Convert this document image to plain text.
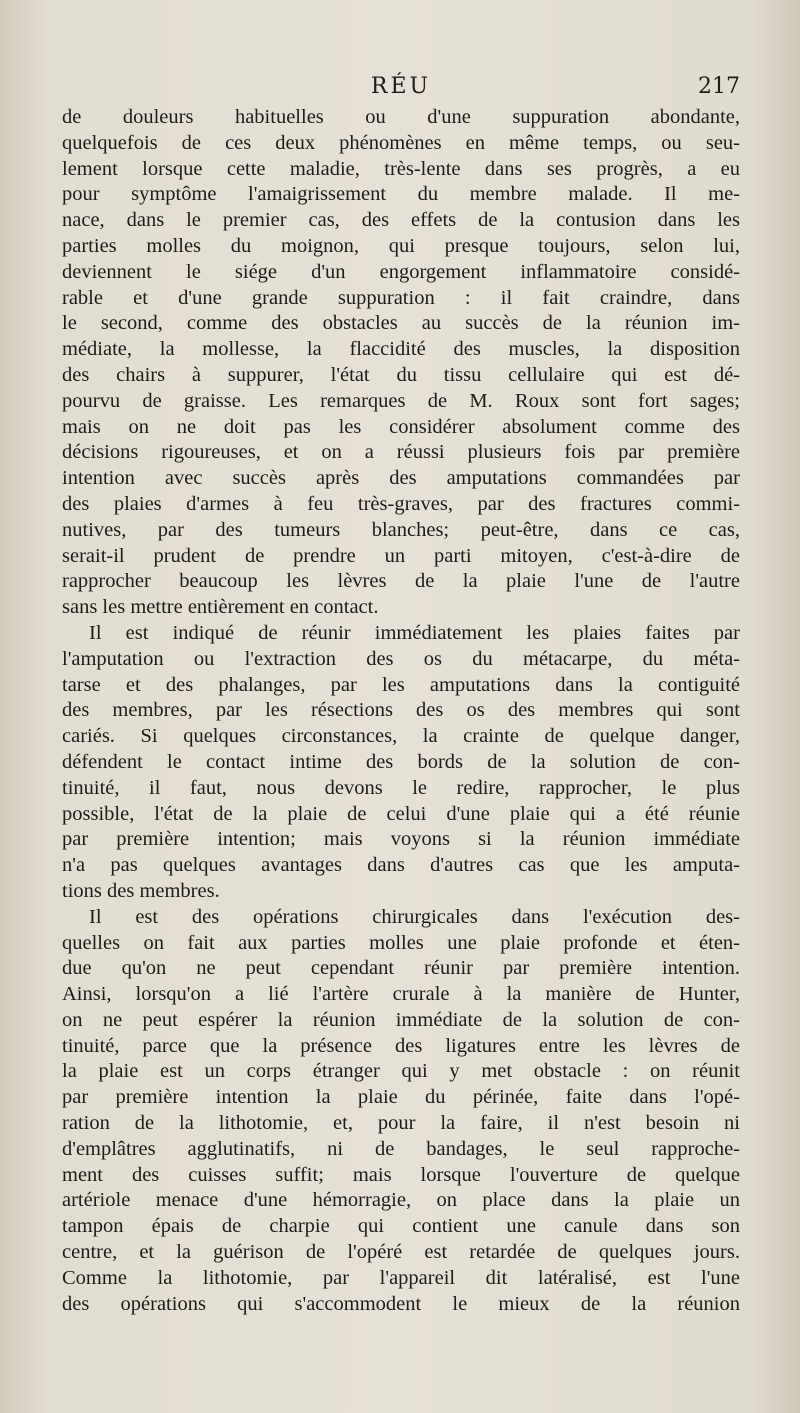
RÉU	217
de douleurs habituelles ou d'une suppuration abondante,
quelquefois de ces deux phénomènes en même temps, ou seu-
lement lorsque cette maladie, très-lente dans ses progrès, a eu
pour symptôme l'amaigrissement du membre malade. Il me-
nace, dans le premier cas, des effets de la contusion dans les
parties molles du moignon, qui presque toujours, selon lui,
deviennent le siége d'un engorgement inflammatoire considé-
rable et d'une grande suppuration : il fait craindre, dans
le second, comme des obstacles au succès de la réunion im-
médiate, la mollesse, la flaccidité des muscles, la disposition
des chairs à suppurer, l'état du tissu cellulaire qui est dé-
pourvu de graisse. Les remarques de M. Roux sont fort sages;
mais on ne doit pas les considérer absolument comme des
décisions rigoureuses, et on a réussi plusieurs fois par première
intention avec succès après des amputations commandées par
des plaies d'armes à feu très-graves, par des fractures commi-
nutives, par des tumeurs blanches; peut-être, dans ce cas,
serait-il prudent de prendre un parti mitoyen, c'est-à-dire de
rapprocher beaucoup les lèvres de la plaie l'une de l'autre
sans les mettre entièrement en contact.
Il est indiqué de réunir immédiatement les plaies faites par
l'amputation ou l'extraction des os du métacarpe, du méta-
tarse et des phalanges, par les amputations dans la contiguité
des membres, par les résections des os des membres qui sont
cariés. Si quelques circonstances, la crainte de quelque danger,
défendent le contact intime des bords de la solution de con-
tinuité, il faut, nous devons le redire, rapprocher, le plus
possible, l'état de la plaie de celui d'une plaie qui a été réunie
par première intention; mais voyons si la réunion immédiate
n'a pas quelques avantages dans d'autres cas que les amputa-
tions des membres.
Il est des opérations chirurgicales dans l'exécution des-
quelles on fait aux parties molles une plaie profonde et éten-
due qu'on ne peut cependant réunir par première intention.
Ainsi, lorsqu'on a lié l'artère crurale à la manière de Hunter,
on ne peut espérer la réunion immédiate de la solution de con-
tinuité, parce que la présence des ligatures entre les lèvres de
la plaie est un corps étranger qui y met obstacle : on réunit
par première intention la plaie du périnée, faite dans l'opé-
ration de la lithotomie, et, pour la faire, il n'est besoin ni
d'emplâtres agglutinatifs, ni de bandages, le seul rapproche-
ment des cuisses suffit; mais lorsque l'ouverture de quelque
artériole menace d'une hémorragie, on place dans la plaie un
tampon épais de charpie qui contient une canule dans son
centre, et la guérison de l'opéré est retardée de quelques jours.
Comme la lithotomie, par l'appareil dit latéralisé, est l'une
des opérations qui s'accommodent le mieux de la réunion
